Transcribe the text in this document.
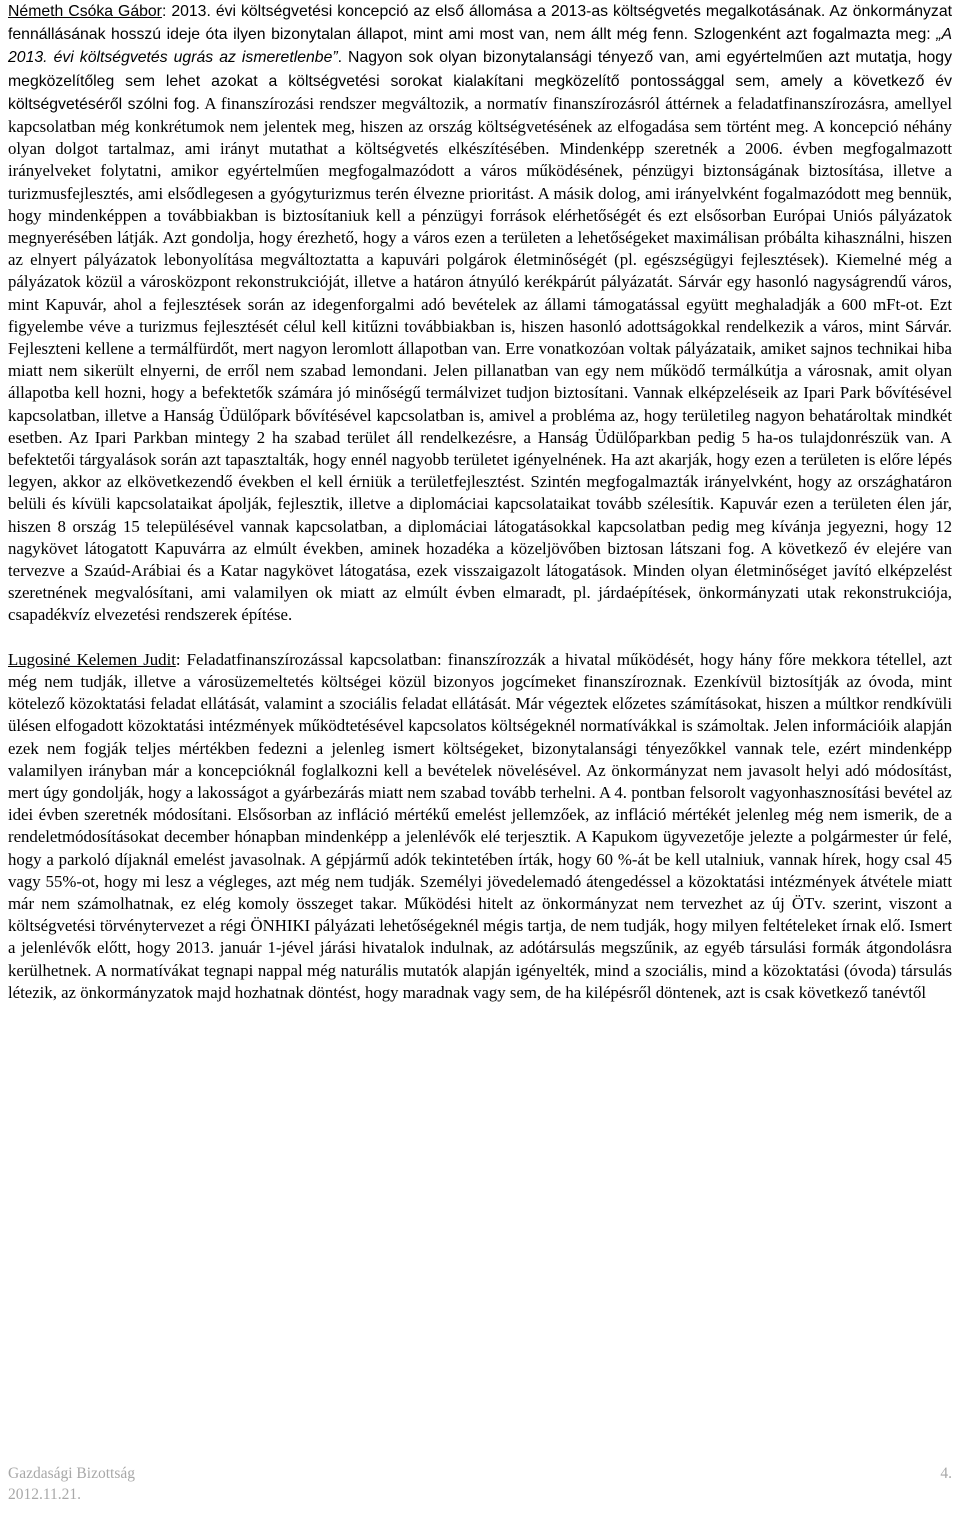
Németh Csóka Gábor: 2013. évi költségvetési koncepció az első állomása a 2013-as költségvetés megalkotásának. Az önkormányzat fennállásának hosszú ideje óta ilyen bizonytalan állapot, mint ami most van, nem állt még fenn. Szlogenként azt fogalmazta meg: „A 2013. évi költségvetés ugrás az ismeretlenbe”. Nagyon sok olyan bizonytalansági tényező van, ami egyértelműen azt mutatja, hogy megközelítőleg sem lehet azokat a költségvetési sorokat kialakítani megközelítő pontossággal sem, amely a következő év költségvetéséről szólni fog. A finanszírozási rendszer megváltozik, a normatív finanszírozásról áttérnek a feladatfinanszírozásra, amellyel kapcsolatban még konkrétumok nem jelentek meg, hiszen az ország költségvetésének az elfogadása sem történt meg. A koncepció néhány olyan dolgot tartalmaz, ami irányt mutathat a költségvetés elkészítésében. Mindenképp szeretnék a 2006. évben megfogalmazott irányelveket folytatni, amikor egyértelműen megfogalmazódott a város működésének, pénzügyi biztonságának biztosítása, illetve a turizmusfejlesztés, ami elsődlegesen a gyógyturizmus terén élvezne prioritást. A másik dolog, ami irányelvként fogalmazódott meg bennük, hogy mindenképpen a továbbiakban is biztosítaniuk kell a pénzügyi források elérhetőségét és ezt elsősorban Európai Uniós pályázatok megnyerésében látják. Azt gondolja, hogy érezhető, hogy a város ezen a területen a lehetőségeket maximálisan próbálta kihasználni, hiszen az elnyert pályázatok lebonyolítása megváltoztatta a kapuvári polgárok életminőségét (pl. egészségügyi fejlesztések). Kiemelné még a pályázatok közül a városközpont rekonstrukcióját, illetve a határon átnyúló kerékpárút pályázatát. Sárvár egy hasonló nagyságrendű város, mint Kapuvár, ahol a fejlesztések során az idegenforgalmi adó bevételek az állami támogatással együtt meghaladják a 600 mFt-ot. Ezt figyelembe véve a turizmus fejlesztését célul kell kitűzni továbbiakban is, hiszen hasonló adottságokkal rendelkezik a város, mint Sárvár. Fejleszteni kellene a termálfürdőt, mert nagyon leromlott állapotban van. Erre vonatkozóan voltak pályázataik, amiket sajnos technikai hiba miatt nem sikerült elnyerni, de erről nem szabad lemondani. Jelen pillanatban van egy nem működő termálkútja a városnak, amit olyan állapotba kell hozni, hogy a befektetők számára jó minőségű termálvizet tudjon biztosítani. Vannak elképzeléseik az Ipari Park bővítésével kapcsolatban, illetve a Hanság Üdülőpark bővítésével kapcsolatban is, amivel a probléma az, hogy területileg nagyon behatároltak mindkét esetben. Az Ipari Parkban mintegy 2 ha szabad terület áll rendelkezésre, a Hanság Üdülőparkban pedig 5 ha-os tulajdonrészük van. A befektetői tárgyalások során azt tapasztalták, hogy ennél nagyobb területet igényelnének. Ha azt akarják, hogy ezen a területen is előre lépés legyen, akkor az elkövetkezendő években el kell érniük a területfejlesztést. Szintén megfogalmazták irányelvként, hogy az országhatáron belüli és kívüli kapcsolataikat ápolják, fejlesztik, illetve a diplomáciai kapcsolataikat tovább szélesítik. Kapuvár ezen a területen élen jár, hiszen 8 ország 15 településével vannak kapcsolatban, a diplomáciai látogatásokkal kapcsolatban pedig meg kívánja jegyezni, hogy 12 nagykövet látogatott Kapuvárra az elmúlt években, aminek hozadéka a közeljövőben biztosan látszani fog. A következő év elejére van tervezve a Szaúd-Arábiai és a Katar nagykövet látogatása, ezek visszaigazolt látogatások. Minden olyan életminőséget javító elképzelést szeretnének megvalósítani, ami valamilyen ok miatt az elmúlt évben elmaradt, pl. járdaépítések, önkormányzati utak rekonstrukciója, csapadékvíz elvezetési rendszerek építése.

Lugosiné Kelemen Judit: Feladatfinanszírozással kapcsolatban: finanszírozzák a hivatal működését, hogy hány főre mekkora tétellel, azt még nem tudják, illetve a városüzemeltetés költségei közül bizonyos jogcímeket finanszíroznak. Ezenkívül biztosítják az óvoda, mint kötelező közoktatási feladat ellátását, valamint a szociális feladat ellátását. Már végeztek előzetes számításokat, hiszen a múltkor rendkívüli ülésen elfogadott közoktatási intézmények működtetésével kapcsolatos költségeknél normatívákkal is számoltak. Jelen információik alapján ezek nem fogják teljes mértékben fedezni a jelenleg ismert költségeket, bizonytalansági tényezőkkel vannak tele, ezért mindenképp valamilyen irányban már a koncepcióknál foglalkozni kell a bevételek növelésével. Az önkormányzat nem javasolt helyi adó módosítást, mert úgy gondolják, hogy a lakosságot a gyárbezárás miatt nem szabad tovább terhelni. A 4. pontban felsorolt vagyonhasznosítási bevétel az idei évben szeretnék módosítani. Elsősorban az infláció mértékű emelést jellemzőek, az infláció mértékét jelenleg még nem ismerik, de a rendeletmódosításokat december hónapban mindenképp a jelenlévők elé terjesztik. A Kapukom ügyvezetője jelezte a polgármester úr felé, hogy a parkoló díjaknál emelést javasolnak. A gépjármű adók tekintetében írták, hogy 60 %-át be kell utalniuk, vannak hírek, hogy csal 45 vagy 55%-ot, hogy mi lesz a végleges, azt még nem tudják. Személyi jövedelemadó átengedéssel a közoktatási intézmények átvétele miatt már nem számolhatnak, ez elég komoly összeget takar. Működési hitelt az önkormányzat nem tervezhet az új ÖTv. szerint, viszont a költségvetési törvénytervezet a régi ÖNHIKI pályázati lehetőségeknél mégis tartja, de nem tudják, hogy milyen feltételeket írnak elő. Ismert a jelenlévők előtt, hogy 2013. január 1-jével járási hivatalok indulnak, az adótársulás megszűnik, az egyéb társulási formák átgondolásra kerülhetnek. A normatívákat tegnapi nappal még naturális mutatók alapján igényelték, mind a szociális, mind a közoktatási (óvoda) társulás létezik, az önkormányzatok majd hozhatnak döntést, hogy maradnak vagy sem, de ha kilépésről döntenek, azt is csak következő tanévtől

Gazdasági Bizottság	4.
2012.11.21.
